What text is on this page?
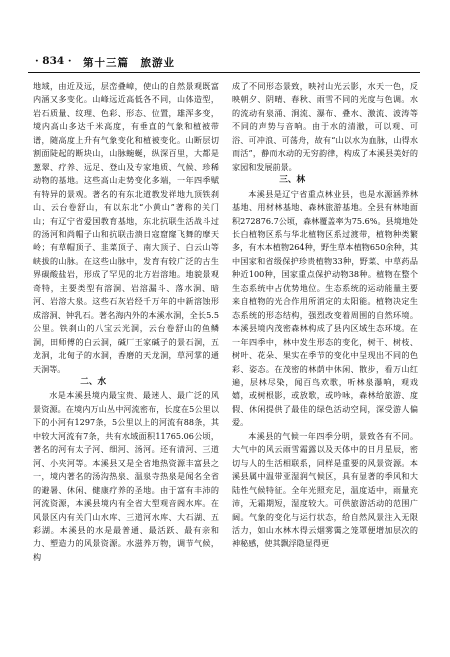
· 834 · 第十三篇　旅游业

地域，由近及远，层峦叠嶂，使山的自然景观既富内涵又多变化。山峰远近高低各不同，山体造型，岩石质量、纹理、色彩、形态、位置，雄浑多变，境内高山多达千米高度，有垂直的气象和植被带谱，随高度上升有气象变化和植被变化。山断层切割面陡起的断块山，山脉蜿蜒，纵深百里，大都是葱翠、疗养、远足、登山及专家地质、气候、珍稀动物的基地。这些高山走势变化多端，一年四季赋有特异的景观。著名的有东北道教发祥地九顶铁刹山、云台卷舒山，有以东北“小黄山”著称的关门山；有辽宁省爱国教育基地，东北抗联生活战斗过的汤河和尚帽子山和抗联击溃日寇窟窿飞舞的摩天岭；有草帽顶子、韭菜顶子、南大顶子、白云山等峡拔的山脉。在这些山脉中，发育有较广泛的古生界碳酸盐岩，形成了罕见的北方岩溶地。地貌景观奇特，主要类型有溶洞、岩溶漏斗、落水洞、暗河、岩溶大泉。这些石灰岩经千万年的中新溶蚀形成溶洞、钟乳石。著名海内外的本溪水洞，全长5.5公里。铁刹山的八宝云光洞，云台卷舒山的鱼鳞洞，田师傅的白云洞，碱厂王家碱子的景石洞，五龙洞，北甸子的水洞，香磨的天龙洞，草河掌的通天洞等。

二、水

水是本溪县境内最宝贵、最迷人、最广泛的风景资源。在境内万山丛中河流密布，长度在5公里以下的小河有1297条，5公里以上的河流有88条，其中较大河流有7条，共有水域面积11765.06公顷，著名的河有太子河、细河、汤河。还有清河、三道河、小夹河等。本溪县又是全省地热资源丰富县之一，境内著名的汤沟热泉、温泉寺热泉是闻名全省的避暑、休闲、健康疗养的圣地。由于富有丰沛的河流资源，本溪县境内有全省大型观音阁水库。在风景区内有关门山水库、三道河水库、大石湖、五彩湖。本溪县的水是最普通、最活跃、最有亲和力、塑造力的风景资源。水滋养万物，调节气候，构

成了不同形态景致，映衬山光云影，水天一色，反映朝夕、阴晴、春秋、雨雪不同的光度与色调。水的流动有泉涌、涧流、瀑布、叠水、激流、波涛等不同的声势与音响。由于水的清澈，可以观、可浴、可冲浪、可荡舟，故有“山以水为血脉，山得水而活”，静而水动的无穷韵律，构成了本溪县美好的家园和发展前景。

三、林

本溪县是辽宁省重点林业县，也是水源涵养林基地、用材林基地、森林旅游基地。全县有林地面积272876.7公顷，森林覆盖率为75.6%。县境地处长白植物区系与华北植物区系过渡带，植物种类繁多，有木本植物264种，野生草本植物650余种，其中国家和省级保护珍贵植物33种，野菜、中草药品种近100种，国家重点保护动物38种。植物在整个生态系统中占优势地位。生态系统的运动能量主要来自植物的光合作用所消定的太阳能。植物决定生态系统的形态结构，强烈改变着周围的自然环境。本溪县境内茂密森林构成了县内区域生态环境。在一年四季中，林中发生形态的变化，树干、树枝、树叶、花朵、果实在季节的变化中呈现出不同的色彩、姿态。在茂密的林荫中休闲、散步，看万山红遍，层林尽染，闻百鸟欢歌，听林泉瀑响，观戏嬉，或树根影，或放歌，或吟咏，森林给旅游、度假、休闲提供了最佳的绿色活动空间，深受游人偏爱。

本溪县的气候一年四季分明，景致各有不同。大气中的风云雨雪霜露以及天体中的日月星辰，密切与人的生活相联系，同样是重要的风景资源。本溪县属中温带亚湿润气候区，具有显著的季风和大陆性气候特征。全年光照充足，温度适中，雨量充沛，无霜期短，湿度较大。可供旅游活动的范围广阔。气象的变化与运行状态，给自然风景注入无限活力，如山水林木得云烟雾霭之笼罩便增加层次的神秘感，使其飘浮隐显得更
